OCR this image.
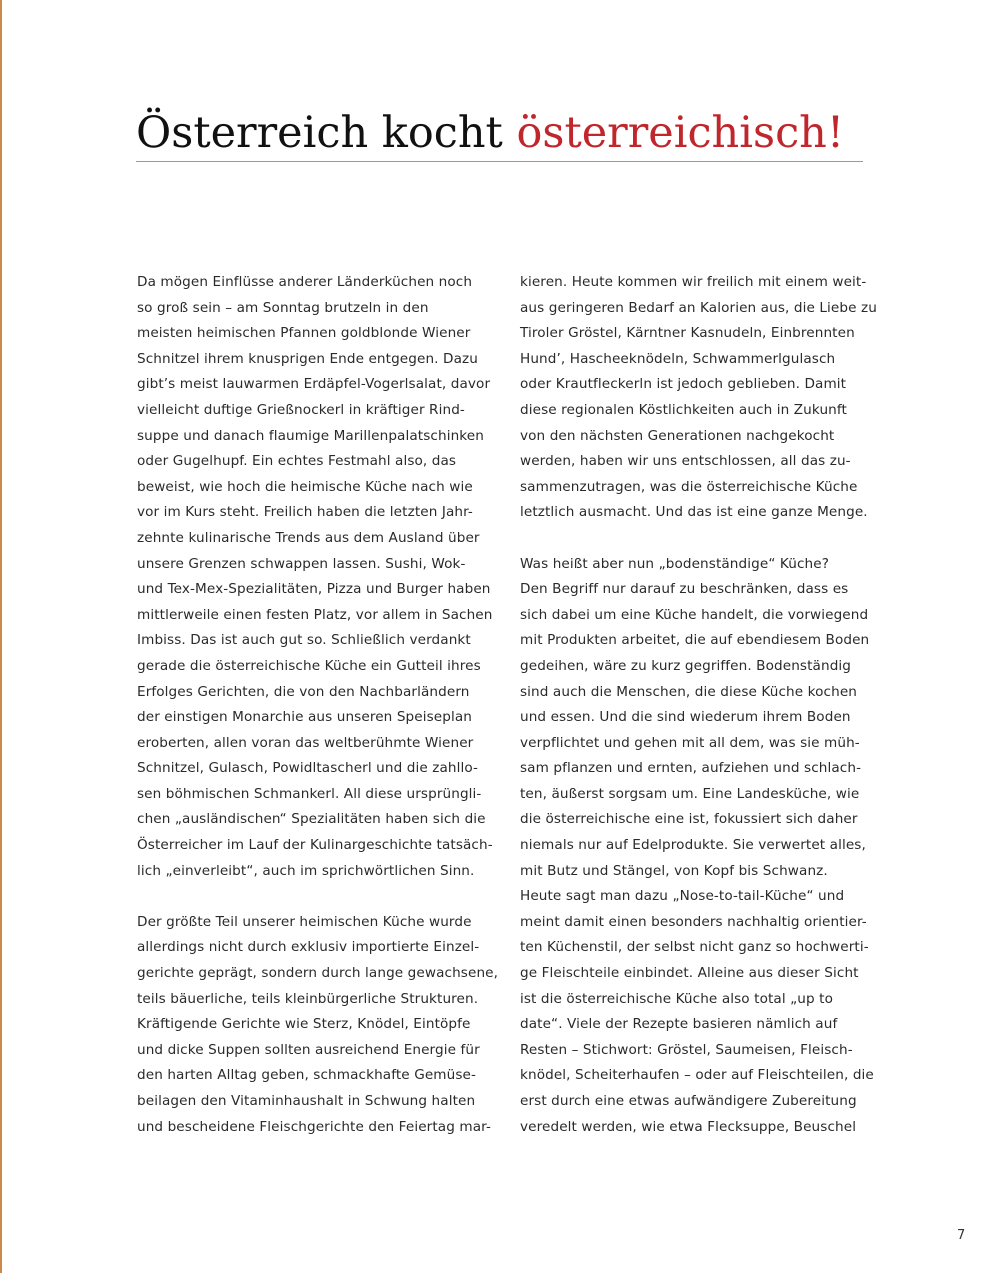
Österreich kocht österreichisch!
Da mögen Einflüsse anderer Länderküchen noch
so groß sein – am Sonntag brutzeln in den
meisten heimischen Pfannen goldblonde Wiener
Schnitzel ihrem knusprigen Ende entgegen. Dazu
gibt’s meist lauwarmen Erdäpfel-Vogerlsalat, davor
vielleicht duftige Grießnockerl in kräftiger Rind-
suppe und danach flaumige Marillenpalatschinken
oder Gugelhupf. Ein echtes Festmahl also, das
beweist, wie hoch die heimische Küche nach wie
vor im Kurs steht. Freilich haben die letzten Jahr-
zehnte kulinarische Trends aus dem Ausland über
unsere Grenzen schwappen lassen. Sushi, Wok-
und Tex-Mex-Spezialitäten, Pizza und Burger haben
mittlerweile einen festen Platz, vor allem in Sachen
Imbiss. Das ist auch gut so. Schließlich verdankt
gerade die österreichische Küche ein Gutteil ihres
Erfolges Gerichten, die von den Nachbarländern
der einstigen Monarchie aus unseren Speiseplan
eroberten, allen voran das weltberühmte Wiener
Schnitzel, Gulasch, Powidltascherl und die zahllo-
sen böhmischen Schmankerl. All diese ursprüngli-
chen „ausländischen“ Spezialitäten haben sich die
Österreicher im Lauf der Kulinargeschichte tatsäch-
lich „einverleibt“, auch im sprichwörtlichen Sinn.
Der größte Teil unserer heimischen Küche wurde
allerdings nicht durch exklusiv importierte Einzel-
gerichte geprägt, sondern durch lange gewachsene,
teils bäuerliche, teils kleinbürgerliche Strukturen.
Kräftigende Gerichte wie Sterz, Knödel, Eintöpfe
und dicke Suppen sollten ausreichend Energie für
den harten Alltag geben, schmackhafte Gemüse-
beilagen den Vitaminhaushalt in Schwung halten
und bescheidene Fleischgerichte den Feiertag mar-
kieren. Heute kommen wir freilich mit einem weit-
aus geringeren Bedarf an Kalorien aus, die Liebe zu
Tiroler Gröstel, Kärntner Kasnudeln, Einbrennten
Hund’, Hascheeknödeln, Schwammerlgulasch
oder Krautfleckerln ist jedoch geblieben. Damit
diese regionalen Köstlichkeiten auch in Zukunft
von den nächsten Generationen nachgekocht
werden, haben wir uns entschlossen, all das zu-
sammenzutragen, was die österreichische Küche
letztlich ausmacht. Und das ist eine ganze Menge.
Was heißt aber nun „bodenständige“ Küche?
Den Begriff nur darauf zu beschränken, dass es
sich dabei um eine Küche handelt, die vorwiegend
mit Produkten arbeitet, die auf ebendiesem Boden
gedeihen, wäre zu kurz gegriffen. Bodenständig
sind auch die Menschen, die diese Küche kochen
und essen. Und die sind wiederum ihrem Boden
verpflichtet und gehen mit all dem, was sie müh-
sam pflanzen und ernten, aufziehen und schlach-
ten, äußerst sorgsam um. Eine Landesküche, wie
die österreichische eine ist, fokussiert sich daher
niemals nur auf Edelprodukte. Sie verwertet alles,
mit Butz und Stängel, von Kopf bis Schwanz.
Heute sagt man dazu „Nose-to-tail-Küche“ und
meint damit einen besonders nachhaltig orientier-
ten Küchenstil, der selbst nicht ganz so hochwerti-
ge Fleischteile einbindet. Alleine aus dieser Sicht
ist die österreichische Küche also total „up to
date“. Viele der Rezepte basieren nämlich auf
Resten – Stichwort: Gröstel, Saumeisen, Fleisch-
knödel, Scheiterhaufen – oder auf Fleischteilen, die
erst durch eine etwas aufwändigere Zubereitung
veredelt werden, wie etwa Flecksuppe, Beuschel
7
